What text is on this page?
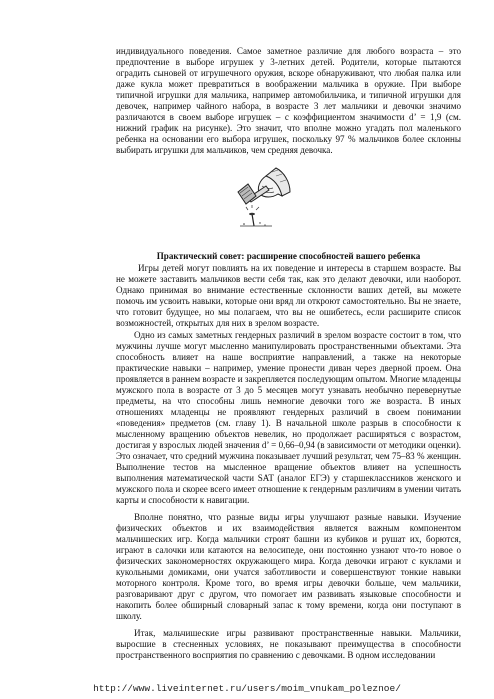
индивидуального поведения. Самое заметное различие для любого возраста – это предпочтение в выборе игрушек у 3-летних детей. Родители, которые пытаются оградить сыновей от игрушечного оружия, вскоре обнаруживают, что любая палка или даже кукла может превратиться в воображении мальчика в оружие. При выборе типичной игрушки для мальчика, например автомобильчика, и типичной игрушки для девочек, например чайного набора, в возрасте 3 лет мальчики и девочки значимо различаются в своем выборе игрушек – с коэффициентом значимости d’ = 1,9 (см. нижний график на рисунке). Это значит, что вполне можно угадать пол маленького ребенка на основании его выбора игрушек, поскольку 97 % мальчиков более склонны выбирать игрушки для мальчиков, чем средняя девочка.

Практический совет: расширение способностей вашего ребенка

Игры детей могут повлиять на их поведение и интересы в старшем возрасте. Вы не можете заставить мальчиков вести себя так, как это делают девочки, или наоборот. Однако принимая во внимание естественные склонности ваших детей, вы можете помочь им усвоить навыки, которые они вряд ли откроют самостоятельно. Вы не знаете, что готовит будущее, но мы полагаем, что вы не ошибетесь, если расширите список возможностей, открытых для них в зрелом возрасте.

Одно из самых заметных гендерных различий в зрелом возрасте состоит в том, что мужчины лучше могут мысленно манипулировать пространственными объектами. Эта способность влияет на наше восприятие направлений, а также на некоторые практические навыки – например, умение пронести диван через дверной проем. Она проявляется в раннем возрасте и закрепляется последующим опытом. Многие младенцы мужского пола в возрасте от 3 до 5 месяцев могут узнавать необычно перевернутые предметы, на что способны лишь немногие девочки того же возраста. В иных отношениях младенцы не проявляют гендерных различий в своем понимании «поведения» предметов (см. главу 1). В начальной школе разрыв в способности к мысленному вращению объектов невелик, но продолжает расширяться с возрастом, достигая у взрослых людей значения d’ = 0,66–0,94 (в зависимости от методики оценки). Это означает, что средний мужчина показывает лучший результат, чем 75–83 % женщин. Выполнение тестов на мысленное вращение объектов влияет на успешность выполнения математической части SAT (аналог ЕГЭ) у старшеклассников женского и мужского пола и скорее всего имеет отношение к гендерным различиям в умении читать карты и способности к навигации.

Вполне понятно, что разные виды игры улучшают разные навыки. Изучение физических объектов и их взаимодействия является важным компонентом мальчишеских игр. Когда мальчики строят башни из кубиков и рушат их, борются, играют в салочки или катаются на велосипеде, они постоянно узнают что-то новое о физических закономерностях окружающего мира. Когда девочки играют с куклами и кукольными домиками, они учатся заботливости и совершенствуют тонкие навыки моторного контроля. Кроме того, во время игры девочки больше, чем мальчики, разговаривают друг с другом, что помогает им развивать языковые способности и накопить более обширный словарный запас к тому времени, когда они поступают в школу.

Итак, мальчишеские игры развивают пространственные навыки. Мальчики, выросшие в стесненных условиях, не показывают преимущества в способности пространственного восприятия по сравнению с девочками. В одном исследовании

http://www.liveinternet.ru/users/moim_vnukam_poleznoe/
